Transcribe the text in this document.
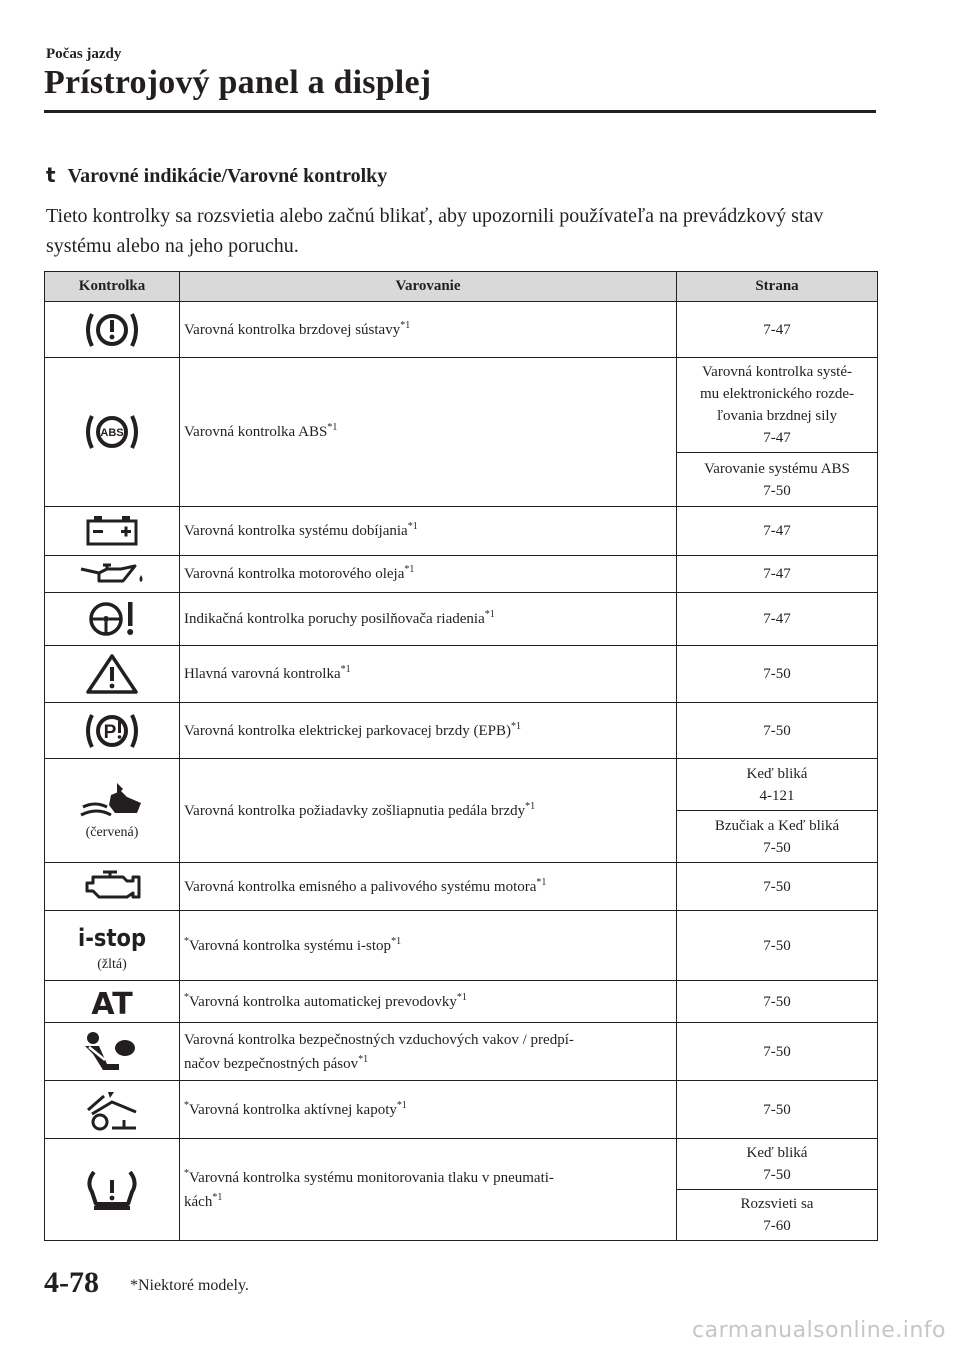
Počas jazdy
Prístrojový panel a displej
t Varovné indikácie/Varovné kontrolky
Tieto kontrolky sa rozsvietia alebo začnú blikať, aby upozornili používateľa na prevádzkový stav systému alebo na jeho poruchu.
Kontrolka	Varovanie	Strana

	Varovná kontrolka brzdovej sústavy$^{*1}$	7-47

ABS	Varovná kontrolka ABS$^{*1}$	Varovná kontrolka systé-
mu elektronického rozde-
ľovania brzdnej sily
7-47
		Varovanie systému ABS
7-50

	Varovná kontrolka systému dobíjania$^{*1}$	7-47

	Varovná kontrolka motorového oleja$^{*1}$	7-47

	Indikačná kontrolka poruchy posilňovača riadenia$^{*1}$	7-47

	Hlavná varovná kontrolka$^{*1}$	7-50

P	Varovná kontrolka elektrickej parkovacej brzdy (EPB)$^{*1}$	7-50

(červená)	Varovná kontrolka požiadavky zošliapnutia pedála brzdy$^{*1}$	Keď bliká
4-121
		Bzučiak a Keď bliká
7-50

	Varovná kontrolka emisného a palivového systému motora$^{*1}$	7-50

i-stop
(žltá)	*Varovná kontrolka systému i-stop$^{*1}$	7-50

AT	*Varovná kontrolka automatickej prevodovky$^{*1}$	7-50

	Varovná kontrolka bezpečnostných vzduchových vakov / predpí-
načov bezpečnostných pásov$^{*1}$	7-50

	*Varovná kontrolka aktívnej kapoty$^{*1}$	7-50

	*Varovná kontrolka systému monitorovania tlaku v pneumati-
kách$^{*1}$	Keď bliká
7-50
		Rozsvieti sa
7-60
4-78 *Niektoré modely.
carmanualsonline.info
